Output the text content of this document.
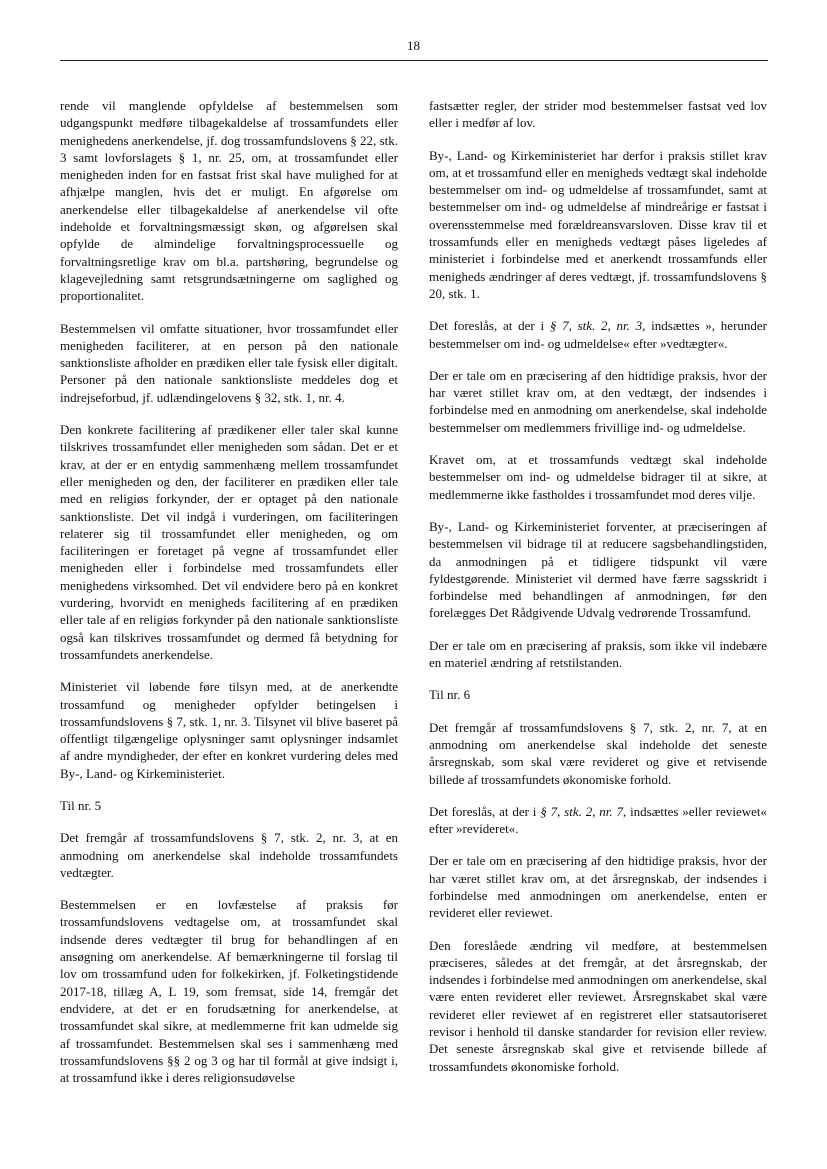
18

rende vil manglende opfyldelse af bestemmelsen som udgangspunkt medføre tilbagekaldelse af trossamfundets eller menighedens anerkendelse, jf. dog trossamfundslovens § 22, stk. 3 samt lovforslagets § 1, nr. 25, om, at trossamfundet eller menigheden inden for en fastsat frist skal have mulighed for at afhjælpe manglen, hvis det er muligt. En afgørelse om anerkendelse eller tilbagekaldelse af anerkendelse vil ofte indeholde et forvaltningsmæssigt skøn, og afgørelsen skal opfylde de almindelige forvaltningsprocessuelle og forvaltningsretlige krav om bl.a. partshøring, begrundelse og klagevejledning samt retsgrundsætningerne om saglighed og proportionalitet.

Bestemmelsen vil omfatte situationer, hvor trossamfundet eller menigheden faciliterer, at en person på den nationale sanktionsliste afholder en prædiken eller tale fysisk eller digitalt. Personer på den nationale sanktionsliste meddeles dog et indrejseforbud, jf. udlændingelovens § 32, stk. 1, nr. 4.

Den konkrete facilitering af prædikener eller taler skal kunne tilskrives trossamfundet eller menigheden som sådan. Det er et krav, at der er en entydig sammenhæng mellem trossamfundet eller menigheden og den, der faciliterer en prædiken eller tale med en religiøs forkynder, der er optaget på den nationale sanktionsliste. Det vil indgå i vurderingen, om faciliteringen relaterer sig til trossamfundet eller menigheden, og om faciliteringen er foretaget på vegne af trossamfundet eller menigheden eller i forbindelse med trossamfundets eller menighedens virksomhed. Det vil endvidere bero på en konkret vurdering, hvorvidt en menigheds facilitering af en prædiken eller tale af en religiøs forkynder på den nationale sanktionsliste også kan tilskrives trossamfundet og dermed få betydning for trossamfundets anerkendelse.

Ministeriet vil løbende føre tilsyn med, at de anerkendte trossamfund og menigheder opfylder betingelsen i trossamfundslovens § 7, stk. 1, nr. 3. Tilsynet vil blive baseret på offentligt tilgængelige oplysninger samt oplysninger indsamlet af andre myndigheder, der efter en konkret vurdering deles med By-, Land- og Kirkeministeriet.

Til nr. 5

Det fremgår af trossamfundslovens § 7, stk. 2, nr. 3, at en anmodning om anerkendelse skal indeholde trossamfundets vedtægter.

Bestemmelsen er en lovfæstelse af praksis før trossamfundslovens vedtagelse om, at trossamfundet skal indsende deres vedtægter til brug for behandlingen af en ansøgning om anerkendelse. Af bemærkningerne til forslag til lov om trossamfund uden for folkekirken, jf. Folketingstidende 2017-18, tillæg A, L 19, som fremsat, side 14, fremgår det endvidere, at det er en forudsætning for anerkendelse, at trossamfundet skal sikre, at medlemmerne frit kan udmelde sig af trossamfundet. Bestemmelsen skal ses i sammenhæng med trossamfundslovens §§ 2 og 3 og har til formål at give indsigt i, at trossamfund ikke i deres religionsudøvelse

fastsætter regler, der strider mod bestemmelser fastsat ved lov eller i medfør af lov.

By-, Land- og Kirkeministeriet har derfor i praksis stillet krav om, at et trossamfund eller en menigheds vedtægt skal indeholde bestemmelser om ind- og udmeldelse af trossamfundet, samt at bestemmelser om ind- og udmeldelse af mindreårige er fastsat i overensstemmelse med forældreansvarsloven. Disse krav til et trossamfunds eller en menigheds vedtægt påses ligeledes af ministeriet i forbindelse med et anerkendt trossamfunds eller menigheds ændringer af deres vedtægt, jf. trossamfundslovens § 20, stk. 1.

Det foreslås, at der i § 7, stk. 2, nr. 3, indsættes », herunder bestemmelser om ind- og udmeldelse« efter »vedtægter«.

Der er tale om en præcisering af den hidtidige praksis, hvor der har været stillet krav om, at den vedtægt, der indsendes i forbindelse med en anmodning om anerkendelse, skal indeholde bestemmelser om medlemmers frivillige ind- og udmeldelse.

Kravet om, at et trossamfunds vedtægt skal indeholde bestemmelser om ind- og udmeldelse bidrager til at sikre, at medlemmerne ikke fastholdes i trossamfundet mod deres vilje.

By-, Land- og Kirkeministeriet forventer, at præciseringen af bestemmelsen vil bidrage til at reducere sagsbehandlingstiden, da anmodningen på et tidligere tidspunkt vil være fyldestgørende. Ministeriet vil dermed have færre sagsskridt i forbindelse med behandlingen af anmodningen, før den forelægges Det Rådgivende Udvalg vedrørende Trossamfund.

Der er tale om en præcisering af praksis, som ikke vil indebære en materiel ændring af retstilstanden.

Til nr. 6

Det fremgår af trossamfundslovens § 7, stk. 2, nr. 7, at en anmodning om anerkendelse skal indeholde det seneste årsregnskab, som skal være revideret og give et retvisende billede af trossamfundets økonomiske forhold.

Det foreslås, at der i § 7, stk. 2, nr. 7, indsættes »eller reviewet« efter »revideret«.

Der er tale om en præcisering af den hidtidige praksis, hvor der har været stillet krav om, at det årsregnskab, der indsendes i forbindelse med anmodningen om anerkendelse, enten er revideret eller reviewet.

Den foreslåede ændring vil medføre, at bestemmelsen præciseres, således at det fremgår, at det årsregnskab, der indsendes i forbindelse med anmodningen om anerkendelse, skal være enten revideret eller reviewet. Årsregnskabet skal være revideret eller reviewet af en registreret eller statsautoriseret revisor i henhold til danske standarder for revision eller review. Det seneste årsregnskab skal give et retvisende billede af trossamfundets økonomiske forhold.
